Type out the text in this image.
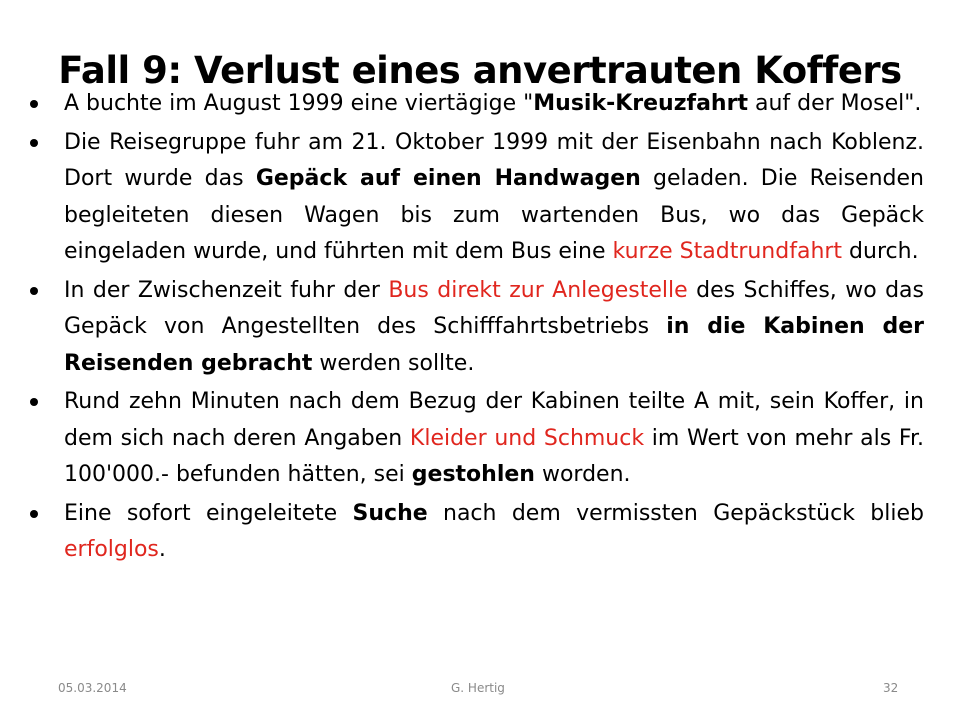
Fall 9: Verlust eines anvertrauten Koffers
A buchte im August 1999 eine viertägige "Musik-Kreuzfahrt auf der Mosel".
Die Reisegruppe fuhr am 21. Oktober 1999 mit der Eisenbahn nach Koblenz. Dort wurde das Gepäck auf einen Handwagen geladen. Die Reisenden begleiteten diesen Wagen bis zum wartenden Bus, wo das Gepäck eingeladen wurde, und führten mit dem Bus eine kurze Stadtrundfahrt durch.
In der Zwischenzeit fuhr der Bus direkt zur Anlegestelle des Schiffes, wo das Gepäck von Angestellten des Schifffahrtsbetriebs in die Kabinen der Reisenden gebracht werden sollte.
Rund zehn Minuten nach dem Bezug der Kabinen teilte A mit, sein Koffer, in dem sich nach deren Angaben Kleider und Schmuck im Wert von mehr als Fr. 100'000.- befunden hätten, sei gestohlen worden.
Eine sofort eingeleitete Suche nach dem vermissten Gepäckstück blieb erfolglos.
05.03.2014	G. Hertig	32
